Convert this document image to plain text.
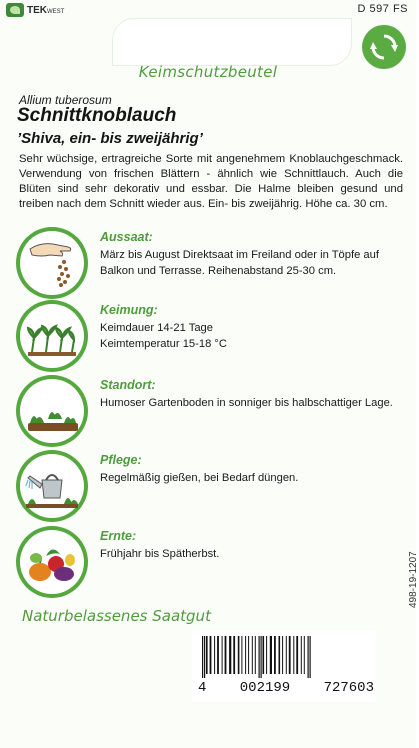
TEKWEST	D 597 FS
Keimschutzbeutel
Allium tuberosum
Schnittknoblauch
’Shiva, ein- bis zweijährig’
Sehr wüchsige, ertragreiche Sorte mit angenehmem Knoblauchgeschmack. Verwendung von frischen Blättern - ähnlich wie Schnittlauch. Auch die Blüten sind sehr dekorativ und essbar. Die Halme bleiben gesund und treiben nach dem Schnitt wieder aus. Ein- bis zweijährig. Höhe ca. 30 cm.
Aussaat:
März bis August Direktsaat im Freiland oder in Töpfe auf Balkon und Terrasse. Reihenabstand 25-30 cm.
Keimung:
Keimdauer 14-21 Tage
Keimtemperatur 15-18 °C
Standort:
Humoser Gartenboden in sonniger bis halbschattiger Lage.
Pflege:
Regelmäßig gießen, bei Bedarf düngen.
Ernte:
Frühjahr bis Spätherbst.
Naturbelassenes Saatgut
4 002199 727603
498-19-1207
